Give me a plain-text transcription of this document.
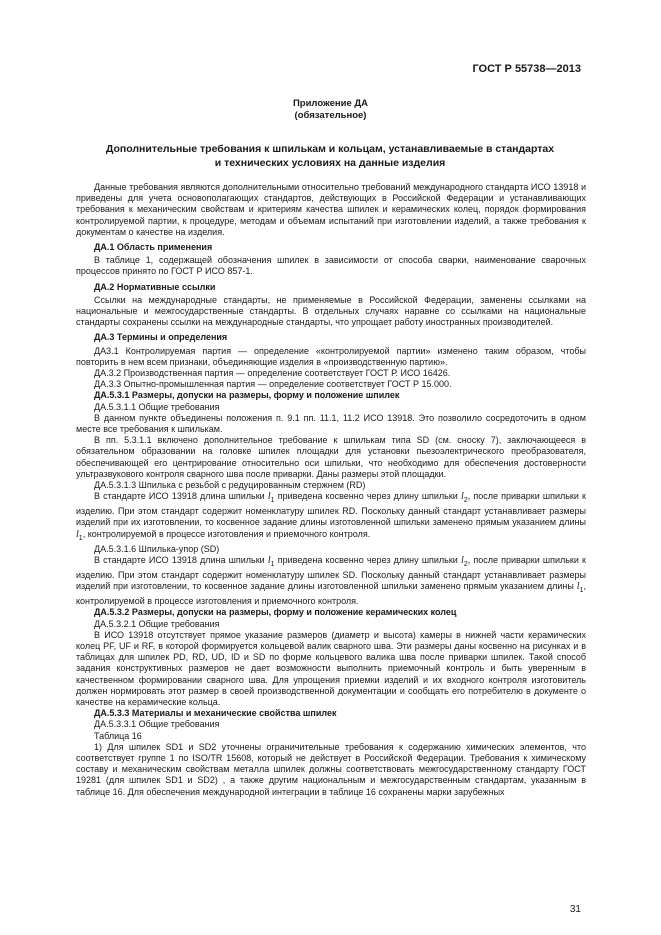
ГОСТ Р 55738—2013
Приложение ДА
(обязательное)
Дополнительные требования к шпилькам и кольцам, устанавливаемые в стандартах
и технических условиях на данные изделия

Данные требования являются дополнительными относительно требований международного стандарта ИСО 13918 и приведены для учета основополагающих стандартов, действующих в Российской Федерации и устанавливающих требования к механическим свойствам и критериям качества шпилек и керамических колец, порядок формирования контролируемой партии, к процедуре, методам и объемам испытаний при изготовлении изделий, а также требования к документам о качестве на изделия.

ДА.1 Область применения

В таблице 1, содержащей обозначения шпилек в зависимости от способа сварки, наименование сварочных процессов принято по ГОСТ Р ИСО 857-1.

ДА.2 Нормативные ссылки

Ссылки на международные стандарты, не применяемые в Российской Федерации, заменены ссылками на национальные и межгосударственные стандарты. В отдельных случаях наравне со ссылками на национальные стандарты сохранены ссылки на международные стандарты, что упрощает работу иностранных производителей.

ДА.3 Термины и определения

ДА3.1 Контролируемая партия — определение «контролируемой партии» изменено таким образом, чтобы повторить в нем всем признаки, объединяющие изделия в «производственную партию».

ДА.3.2 Производственная партия — определение соответствует ГОСТ Р. ИСО 16426.

ДА.3.3 Опытно-промышленная партия — определение соответствует ГОСТ Р 15.000.

ДА.5.3.1 Размеры, допуски на размеры, форму и положение шпилек

ДА.5.3.1.1 Общие требования

В данном пункте объединены положения п. 9.1 пп. 11.1, 11.2 ИСО 13918. Это позволило сосредоточить в одном месте все требования к шпилькам.

В пп. 5.3.1.1 включено дополнительное требование к шпилькам типа SD (см. сноску 7), заключающееся в обязательном образовании на головке шпилек площадки для установки пьезоэлектрического преобразователя, обеспечивающей его центрирование относительно оси шпильки, что необходимо для обеспечения достоверности ультразвукового контроля сварного шва после приварки. Даны размеры этой площадки.

ДА.5.3.1.3 Шпилька с резьбой с редуцированным стержнем (RD)

В стандарте ИСО 13918 длина шпильки $l_1$ приведена косвенно через длину шпильки $l_2$, после приварки шпильки к изделию. При этом стандарт содержит номенклатуру шпилек RD. Поскольку данный стандарт устанавливает размеры изделий при их изготовлении, то косвенное задание длины изготовленной шпильки заменено прямым указанием длины $l_1$, контролируемой в процессе изготовления и приемочного контроля.

ДА.5.3.1.6 Шпилька-упор (SD)

В стандарте ИСО 13918 длина шпильки $l_1$ приведена косвенно через длину шпильки $l_2$, после приварки шпильки к изделию. При этом стандарт содержит номенклатуру шпилек SD. Поскольку данный стандарт устанавливает размеры изделий при изготовлении, то косвенное задание длины изготовленной шпильки заменено прямым указанием длины $l_1$, контролируемой в процессе изготовления и приемочного контроля.

ДА.5.3.2 Размеры, допуски на размеры, форму и положение керамических колец

ДА.5.3.2.1 Общие требования

В ИСО 13918 отсутствует прямое указание размеров (диаметр и высота) камеры в нижней части керамических колец PF, UF и RF, в которой формируется кольцевой валик сварного шва. Эти размеры даны косвенно на рисунках и в таблицах для шпилек PD, RD, UD, ID и SD по форме кольцевого валика шва после приварки шпилек. Такой способ задания конструктивных размеров не дает возможности выполнить приемочный контроль и быть уверенным в качественном формировании сварного шва. Для упрощения приемки изделий и их входного контроля изготовитель должен нормировать этот размер в своей производственной документации и сообщать его потребителю в документе о качестве на керамические кольца.

ДА.5.3.3 Материалы и механические свойства шпилек

ДА.5.3.3.1 Общие требования

Таблица 16

1) Для шпилек SD1 и SD2 уточнены ограничительные требования к содержанию химических элементов, что соответствует группе 1 по ISO/TR 15608, который не действует в Российской Федерации. Требования к химическому составу и механическим свойствам металла шпилек должны соответствовать межгосударственному стандарту ГОСТ 19281 (для шпилек SD1 и SD2) , а также другим национальным и межгосударственным стандартам, указанным в таблице 16. Для обеспечения международной интеграции в таблице 16 сохранены марки зарубежных

31
